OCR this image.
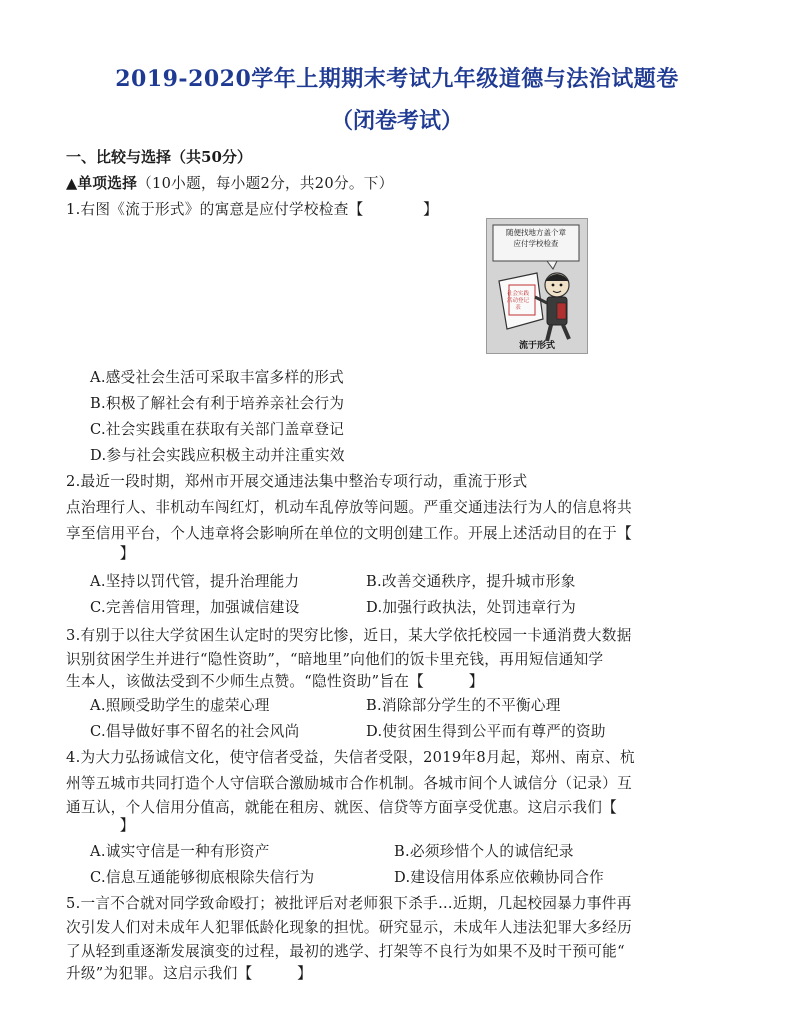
2019-2020学年上期期末考试九年级道德与法治试题卷
（闭卷考试）
一、比较与选择（共50分）
▲单项选择（10小题，每小题2分，共20分。下）
1.右图《流于形式》的寓意是应付学校检查【　　　　】
随便找地方盖个章
应付学校检查
社会实践活动登记表
流于形式
A.感受社会生活可采取丰富多样的形式
B.积极了解社会有利于培养亲社会行为
C.社会实践重在获取有关部门盖章登记
D.参与社会实践应积极主动并注重实效
2.最近一段时期，郑州市开展交通违法集中整治专项行动，重流于形式
点治理行人、非机动车闯红灯，机动车乱停放等问题。严重交通违法行为人的信息将共
享至信用平台，个人违章将会影响所在单位的文明创建工作。开展上述活动目的在于【
　　】
A.坚持以罚代管，提升治理能力	B.改善交通秩序，提升城市形象
C.完善信用管理，加强诚信建设	D.加强行政执法，处罚违章行为
3.有别于以往大学贫困生认定时的哭穷比惨，近日，某大学依托校园一卡通消费大数据
识别贫困学生并进行“隐性资助”，“暗地里”向他们的饭卡里充钱，再用短信通知学
生本人，该做法受到不少师生点赞。“隐性资助”旨在【　　　】
A.照顾受助学生的虚荣心理	B.消除部分学生的不平衡心理
C.倡导做好事不留名的社会风尚	D.使贫困生得到公平而有尊严的资助
4.为大力弘扬诚信文化，使守信者受益，失信者受限，2019年8月起，郑州、南京、杭
州等五城市共同打造个人守信联合激励城市合作机制。各城市间个人诚信分（记录）互
通互认，个人信用分值高，就能在租房、就医、信贷等方面享受优惠。这启示我们【
　　】
A.诚实守信是一种有形资产	B.必须珍惜个人的诚信纪录
C.信息互通能够彻底根除失信行为	D.建设信用体系应依赖协同合作
5.一言不合就对同学致命殴打；被批评后对老师狠下杀手…近期，几起校园暴力事件再
次引发人们对未成年人犯罪低龄化现象的担忧。研究显示，未成年人违法犯罪大多经历
了从轻到重逐渐发展演变的过程，最初的逃学、打架等不良行为如果不及时干预可能“
升级”为犯罪。这启示我们【　　　】
